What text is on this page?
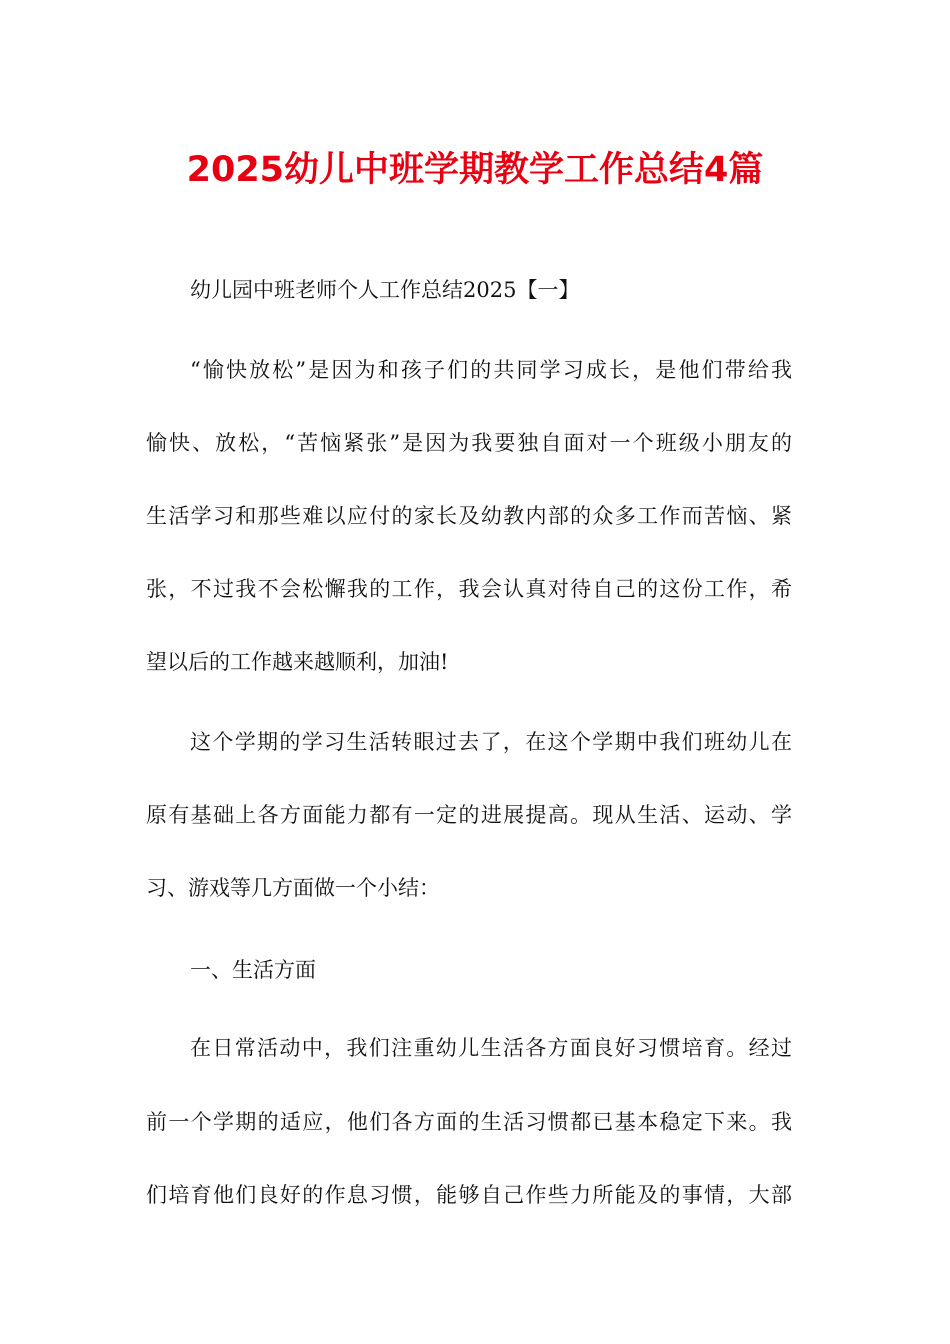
2025幼儿中班学期教学工作总结4篇
幼儿园中班老师个人工作总结2025【一】
“愉快放松”是因为和孩子们的共同学习成长，是他们带给我
愉快、放松，“苦恼紧张”是因为我要独自面对一个班级小朋友的
生活学习和那些难以应付的家长及幼教内部的众多工作而苦恼、紧
张，不过我不会松懈我的工作，我会认真对待自己的这份工作，希
望以后的工作越来越顺利，加油!
这个学期的学习生活转眼过去了，在这个学期中我们班幼儿在
原有基础上各方面能力都有一定的进展提高。现从生活、运动、学
习、游戏等几方面做一个小结：
一、生活方面
在日常活动中，我们注重幼儿生活各方面良好习惯培育。经过
前一个学期的适应，他们各方面的生活习惯都已基本稳定下来。我
们培育他们良好的作息习惯，能够自己作些力所能及的事情，大部
